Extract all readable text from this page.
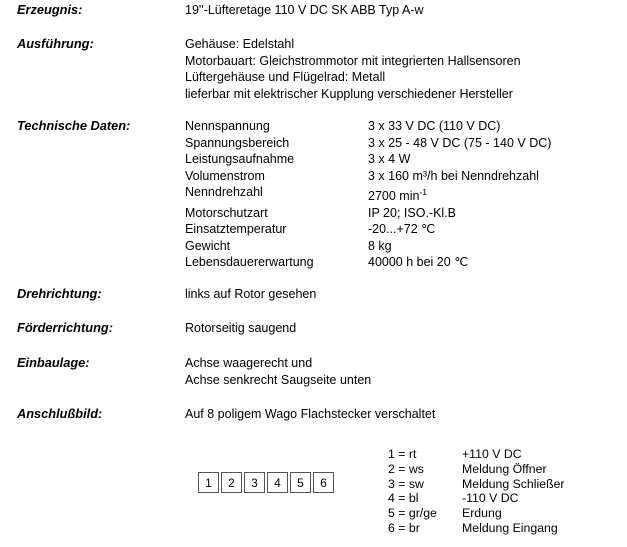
Erzeugnis:	19''-Lüfteretage 110 V DC SK ABB Typ A-w
Ausführung:	Gehäuse: Edelstahl
Motorbauart: Gleichstrommotor mit integrierten Hallsensoren
Lüftergehäuse und Flügelrad: Metall
lieferbar mit elektrischer Kupplung verschiedener Hersteller
Technische Daten:	Nennspannung	3 x 33 V DC (110 V DC)
Spannungsbereich	3 x 25 - 48 V DC (75 - 140 V DC)
Leistungsaufnahme	3 x 4 W
Volumenstrom	3 x 160 m³/h bei Nenndrehzahl
Nenndrehzahl	2700 $\min^{-1}$
Motorschutzart	IP 20; ISO.-Kl.B
Einsatztemperatur	-20...+72 ℃
Gewicht	8 kg
Lebensdauererwartung	40000 h bei 20 ℃
Drehrichtung:	links auf Rotor gesehen
Förderrichtung:	Rotorseitig saugend
Einbaulage:	Achse waagerecht und
Achse senkrecht Saugseite unten
Anschlußbild:	Auf 8 poligem Wago Flachstecker verschaltet
1	2	3	4	5	6
1 = rt	+110 V DC
2 = ws	Meldung Öffner
3 = sw	Meldung Schließer
4 = bl	-110 V DC
5 = gr/ge	Erdung
6 = br	Meldung Eingang
